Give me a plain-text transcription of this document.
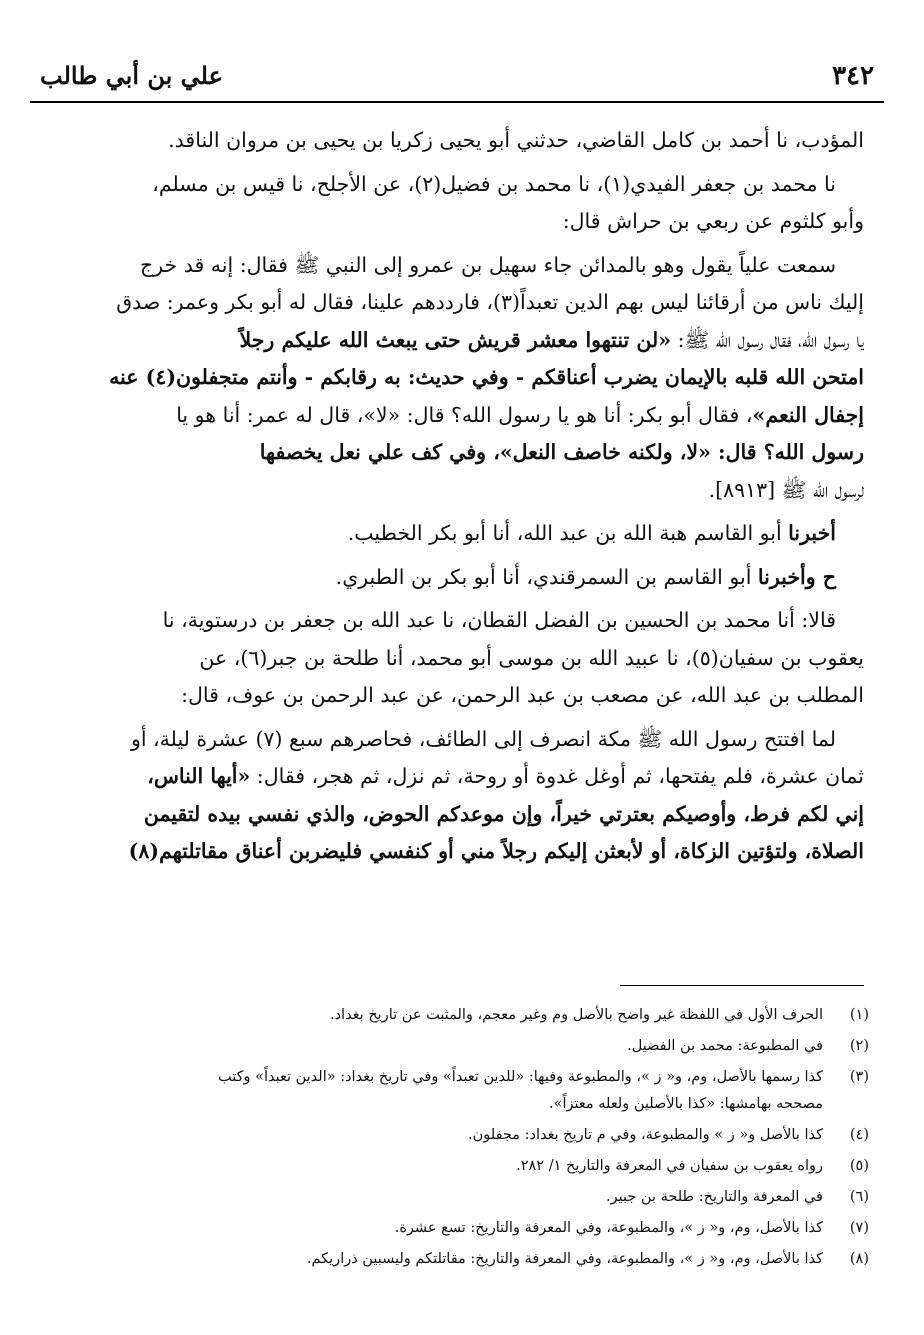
٣٤٢
علي بن أبي طالب
المؤدب، نا أحمد بن كامل القاضي، حدثني أبو يحيى زكريا بن يحيى بن مروان الناقد.
نا محمد بن جعفر الفيدي(١)، نا محمد بن فضيل(٢)، عن الأجلح، نا قيس بن مسلم،
وأبو كلثوم عن ربعي بن حراش قال:
سمعت علياً يقول وهو بالمدائن جاء سهيل بن عمرو إلى النبي ﷺ فقال: إنه قد خرج
إليك ناس من أرقائنا ليس بهم الدين تعبداً(٣)، فارددهم علينا، فقال له أبو بكر وعمر: صدق
يا رسول الله، فقال رسول الله ﷺ: «لن تنتهوا معشر قريش حتى يبعث الله عليكم رجلاً
امتحن الله قلبه بالإيمان يضرب أعناقكم - وفي حديث: به رقابكم - وأنتم متجفلون(٤) عنه
إجفال النعم»، فقال أبو بكر: أنا هو يا رسول الله؟ قال: «لا»، قال له عمر: أنا هو يا
رسول الله؟ قال: «لا، ولكنه خاصف النعل»، وفي كف علي نعل يخصفها
لرسول الله ﷺ [٨٩١٣].
أخبرنا أبو القاسم هبة الله بن عبد الله، أنا أبو بكر الخطيب.
ح وأخبرنا أبو القاسم بن السمرقندي، أنا أبو بكر بن الطبري.
قالا: أنا محمد بن الحسين بن الفضل القطان، نا عبد الله بن جعفر بن درستوية، نا
يعقوب بن سفيان(٥)، نا عبيد الله بن موسى أبو محمد، أنا طلحة بن جبر(٦)، عن
المطلب بن عبد الله، عن مصعب بن عبد الرحمن، عن عبد الرحمن بن عوف، قال:
لما افتتح رسول الله ﷺ مكة انصرف إلى الطائف، فحاصرهم سبع (٧) عشرة ليلة، أو
ثمان عشرة، فلم يفتحها، ثم أوغل غدوة أو روحة، ثم نزل، ثم هجر، فقال: «أيها الناس،
إني لكم فرط، وأوصيكم بعترتي خيراً، وإن موعدكم الحوض، والذي نفسي بيده لتقيمن
الصلاة، ولتؤتين الزكاة، أو لأبعثن إليكم رجلاً مني أو كنفسي فليضربن أعناق مقاتلتهم(٨)
(١)
الحرف الأول في اللفظة غير واضح بالأصل وم وغير معجم، والمثبت عن تاريخ بغداد.
(٢)
في المطبوعة: محمد بن الفضيل.
(٣)
كذا رسمها بالأصل، وم، و« ز »، والمطبوعة وفيها: «للدين تعبداً» وفي تاريخ بغداد: «الدين تعبداً» وكتب
مصححه بهامشها: «كذا بالأصلين ولعله معتزاً».
(٤)
كذا بالأصل و« ز » والمطبوعة، وفي م تاريخ بغداد: مجفلون.
(٥)
رواه يعقوب بن سفيان في المعرفة والتاريخ ١/ ٢٨٢.
(٦)
في المعرفة والتاريخ: طلحة بن جبير.
(٧)
كذا بالأصل، وم، و« ز »، والمطبوعة، وفي المعرفة والتاريخ: تسع عشرة.
(٨)
كذا بالأصل، وم، و« ز »، والمطبوعة، وفي المعرفة والتاريخ: مقاتلتكم وليسبين ذراريكم.
